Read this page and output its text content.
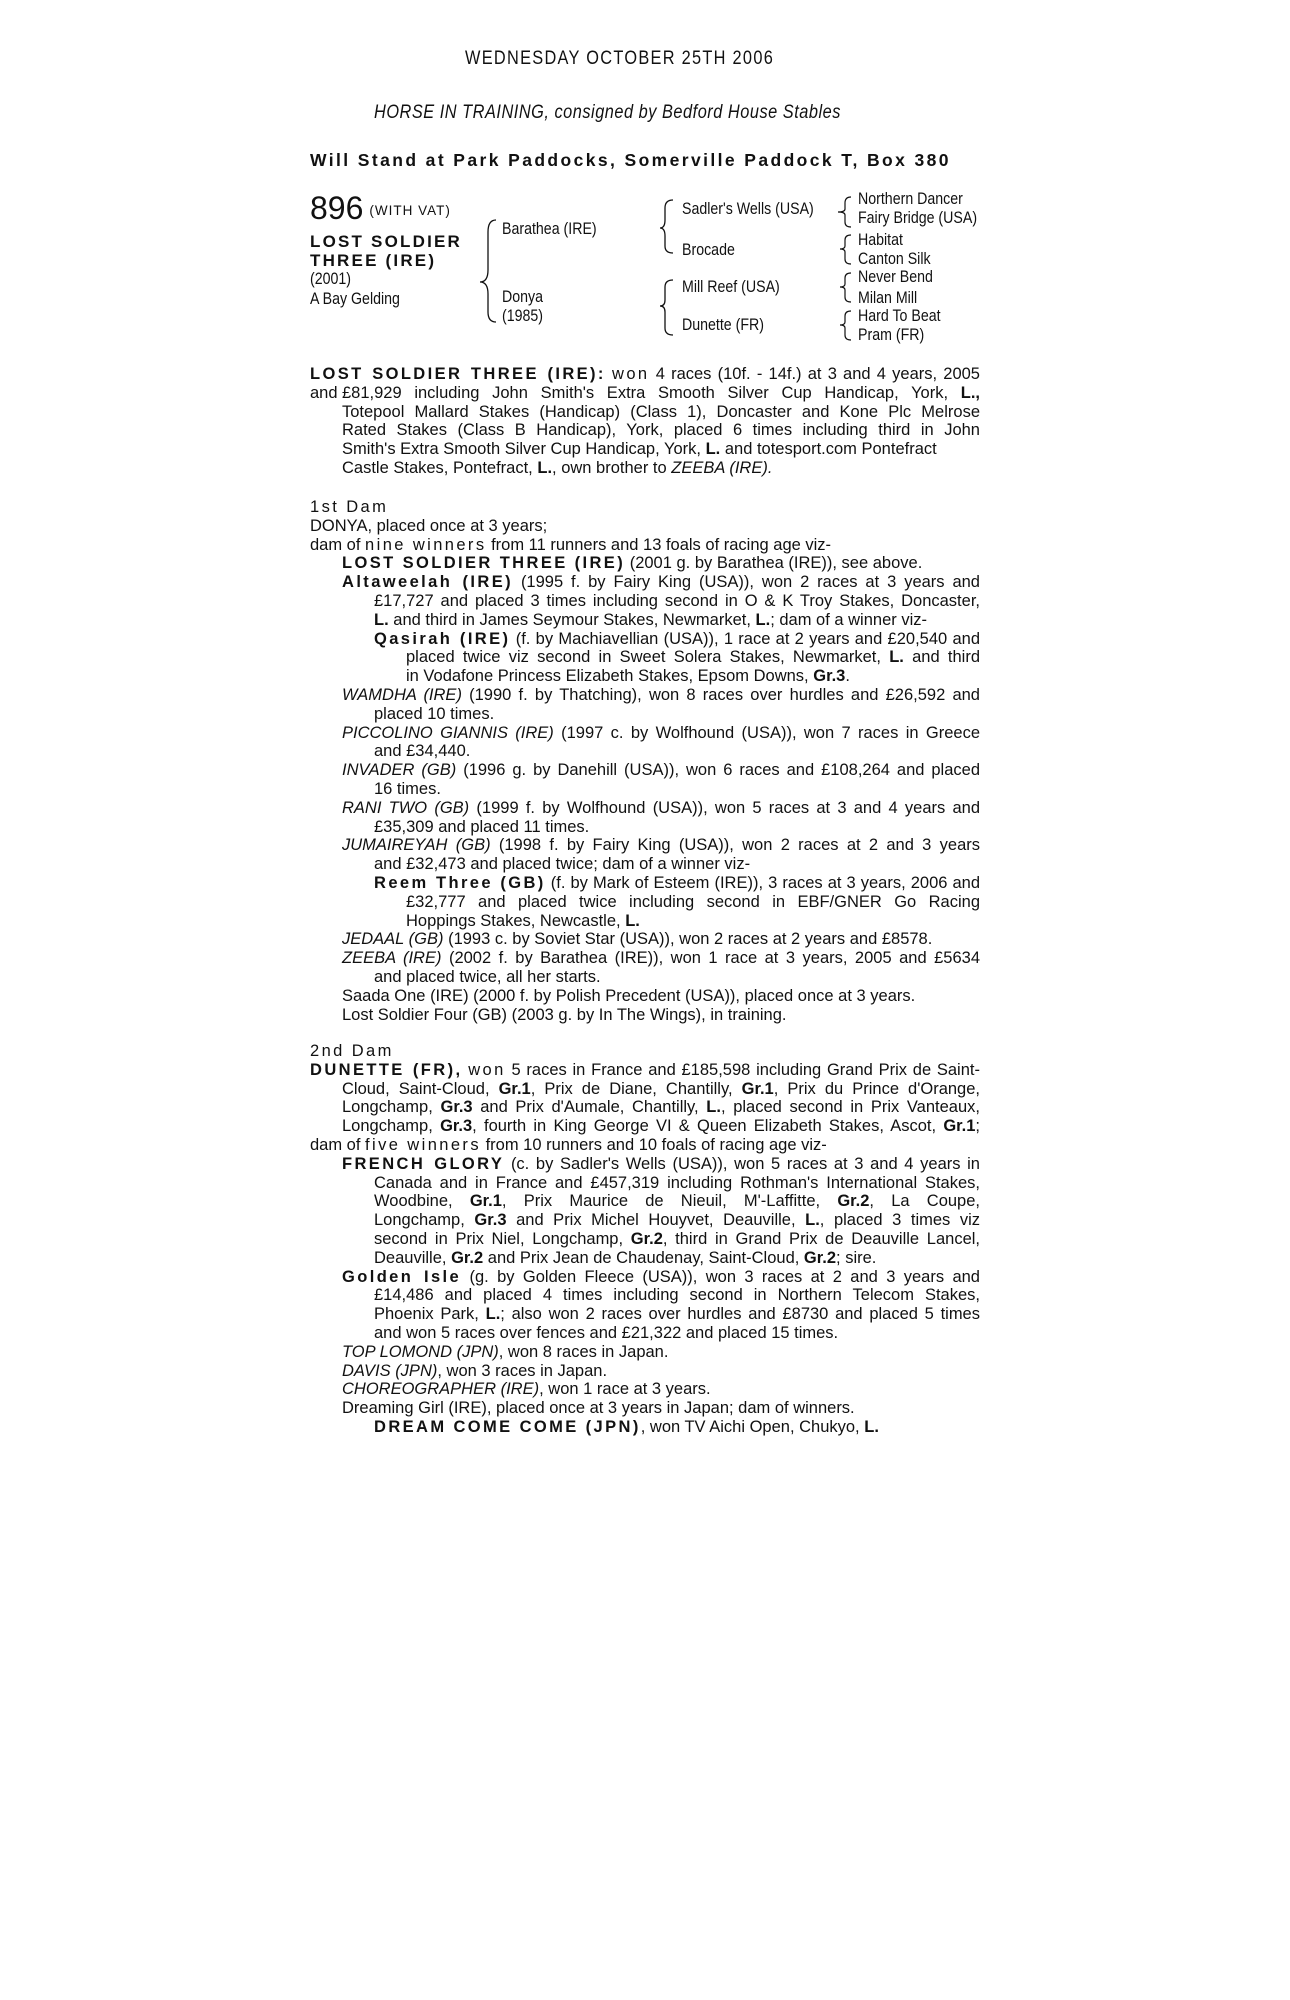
WEDNESDAY OCTOBER 25TH 2006
HORSE IN TRAINING, consigned by Bedford House Stables
Will Stand at Park Paddocks, Somerville Paddock T, Box 380
896 (WITH VAT)
LOST SOLDIER
THREE (IRE)
(2001)
A Bay Gelding
Barathea (IRE)
Donya
(1985)
Sadler's Wells (USA)
Brocade
Mill Reef (USA)
Dunette (FR)
Northern Dancer
Fairy Bridge (USA)
Habitat
Canton Silk
Never Bend
Milan Mill
Hard To Beat
Pram (FR)
LOST SOLDIER THREE (IRE): won 4 races (10f. - 14f.) at 3 and 4 years, 2005 and £81,929 including John Smith's Extra Smooth Silver Cup Handicap, York, L.,
Totepool Mallard Stakes (Handicap) (Class 1), Doncaster and Kone Plc Melrose
Rated Stakes (Class B Handicap), York, placed 6 times including third in John
Smith's Extra Smooth Silver Cup Handicap, York, L. and totesport.com Pontefract
Castle Stakes, Pontefract, L., own brother to ZEEBA (IRE).
1st Dam
DONYA, placed once at 3 years;
dam of nine winners from 11 runners and 13 foals of racing age viz-
LOST SOLDIER THREE (IRE) (2001 g. by Barathea (IRE)), see above.
Altaweelah (IRE) (1995 f. by Fairy King (USA)), won 2 races at 3 years and
£17,727 and placed 3 times including second in O & K Troy Stakes, Doncaster,
L. and third in James Seymour Stakes, Newmarket, L.; dam of a winner viz-
Qasirah (IRE) (f. by Machiavellian (USA)), 1 race at 2 years and £20,540 and
placed twice viz second in Sweet Solera Stakes, Newmarket, L. and third
in Vodafone Princess Elizabeth Stakes, Epsom Downs, Gr.3.
WAMDHA (IRE) (1990 f. by Thatching), won 8 races over hurdles and £26,592 and
placed 10 times.
PICCOLINO GIANNIS (IRE) (1997 c. by Wolfhound (USA)), won 7 races in Greece
and £34,440.
INVADER (GB) (1996 g. by Danehill (USA)), won 6 races and £108,264 and placed
16 times.
RANI TWO (GB) (1999 f. by Wolfhound (USA)), won 5 races at 3 and 4 years and
£35,309 and placed 11 times.
JUMAIREYAH (GB) (1998 f. by Fairy King (USA)), won 2 races at 2 and 3 years
and £32,473 and placed twice; dam of a winner viz-
Reem Three (GB) (f. by Mark of Esteem (IRE)), 3 races at 3 years, 2006 and
£32,777 and placed twice including second in EBF/GNER Go Racing
Hoppings Stakes, Newcastle, L.
JEDAAL (GB) (1993 c. by Soviet Star (USA)), won 2 races at 2 years and £8578.
ZEEBA (IRE) (2002 f. by Barathea (IRE)), won 1 race at 3 years, 2005 and £5634
and placed twice, all her starts.
Saada One (IRE) (2000 f. by Polish Precedent (USA)), placed once at 3 years.
Lost Soldier Four (GB) (2003 g. by In The Wings), in training.
2nd Dam
DUNETTE (FR), won 5 races in France and £185,598 including Grand Prix de Saint-
Cloud, Saint-Cloud, Gr.1, Prix de Diane, Chantilly, Gr.1, Prix du Prince d'Orange,
Longchamp, Gr.3 and Prix d'Aumale, Chantilly, L., placed second in Prix Vanteaux,
Longchamp, Gr.3, fourth in King George VI & Queen Elizabeth Stakes, Ascot, Gr.1;
dam of five winners from 10 runners and 10 foals of racing age viz-
FRENCH GLORY (c. by Sadler's Wells (USA)), won 5 races at 3 and 4 years in
Canada and in France and £457,319 including Rothman's International Stakes,
Woodbine, Gr.1, Prix Maurice de Nieuil, M'-Laffitte, Gr.2, La Coupe,
Longchamp, Gr.3 and Prix Michel Houyvet, Deauville, L., placed 3 times viz
second in Prix Niel, Longchamp, Gr.2, third in Grand Prix de Deauville Lancel,
Deauville, Gr.2 and Prix Jean de Chaudenay, Saint-Cloud, Gr.2; sire.
Golden Isle (g. by Golden Fleece (USA)), won 3 races at 2 and 3 years and
£14,486 and placed 4 times including second in Northern Telecom Stakes,
Phoenix Park, L.; also won 2 races over hurdles and £8730 and placed 5 times
and won 5 races over fences and £21,322 and placed 15 times.
TOP LOMOND (JPN), won 8 races in Japan.
DAVIS (JPN), won 3 races in Japan.
CHOREOGRAPHER (IRE), won 1 race at 3 years.
Dreaming Girl (IRE), placed once at 3 years in Japan; dam of winners.
DREAM COME COME (JPN), won TV Aichi Open, Chukyo, L.
